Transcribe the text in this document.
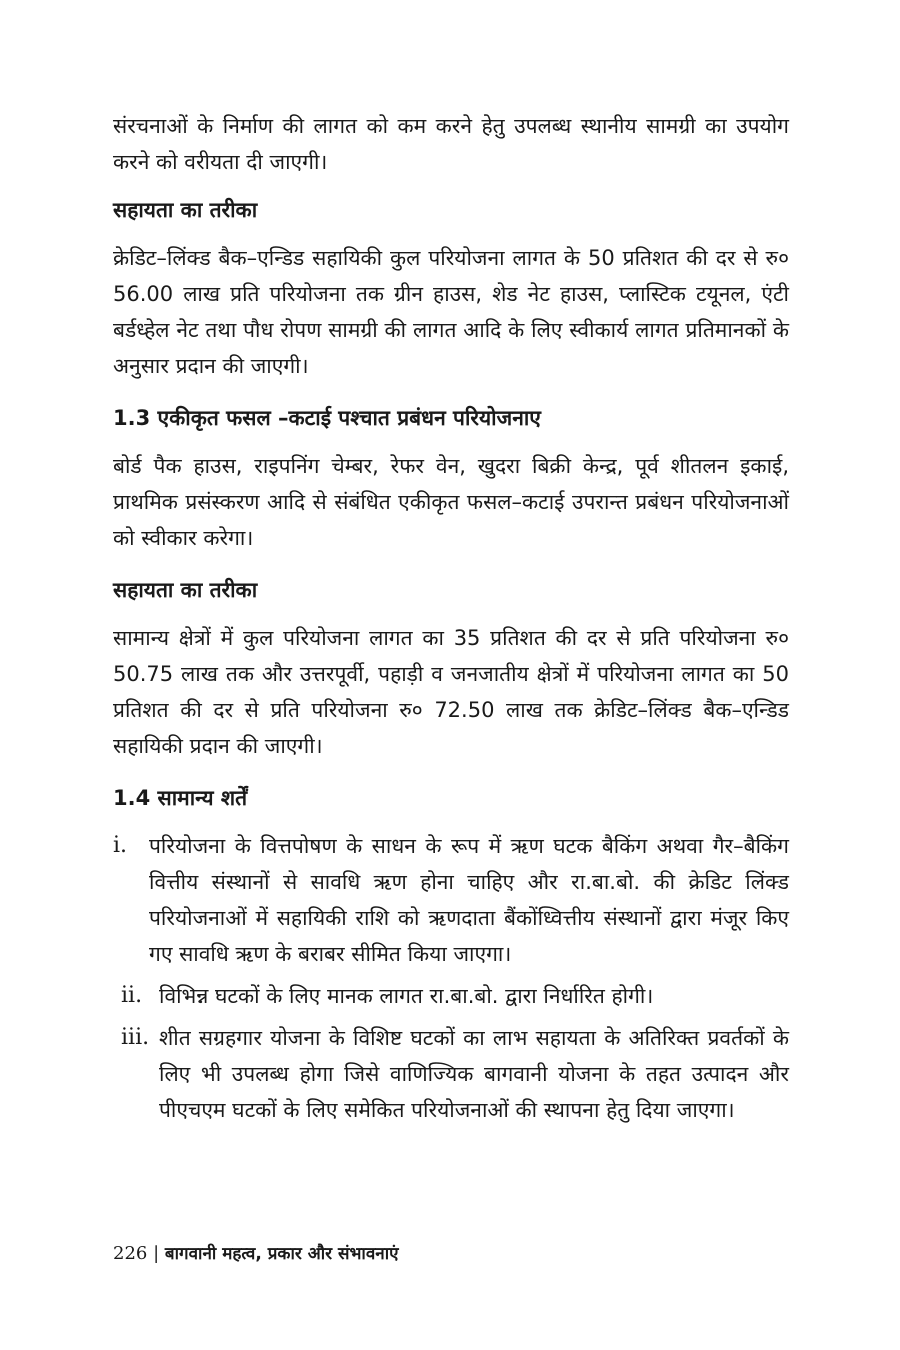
संरचनाओं के निर्माण की लागत को कम करने हेतु उपलब्ध स्थानीय सामग्री का उपयोग करने को वरीयता दी जाएगी।

सहायता का तरीका

क्रेडिट–लिंक्ड बैक–एन्डिड सहायिकी कुल परियोजना लागत के 50 प्रतिशत की दर से रु० 56.00 लाख प्रति परियोजना तक ग्रीन हाउस, शेड नेट हाउस, प्लास्टिक टयूनल, एंटी बर्डध्हेल नेट तथा पौध रोपण सामग्री की लागत आदि के लिए स्वीकार्य लागत प्रतिमानकों के अनुसार प्रदान की जाएगी।

1.3 एकीकृत फसल –कटाई पश्चात प्रबंधन परियोजनाए

बोर्ड पैक हाउस, राइपनिंग चेम्बर, रेफर वेन, खुदरा बिक्री केन्द्र, पूर्व शीतलन इकाई, प्राथमिक प्रसंस्करण आदि से संबंधित एकीकृत फसल–कटाई उपरान्त प्रबंधन परियोजनाओं को स्वीकार करेगा।

सहायता का तरीका

सामान्य क्षेत्रों में कुल परियोजना लागत का 35 प्रतिशत की दर से प्रति परियोजना रु० 50.75 लाख तक और उत्तरपूर्वी, पहाड़ी व जनजातीय क्षेत्रों में परियोजना लागत का 50 प्रतिशत की दर से प्रति परियोजना रु० 72.50 लाख तक क्रेडिट–लिंक्ड बैक–एन्डिड सहायिकी प्रदान की जाएगी।

1.4 सामान्य शर्तें
i.	परियोजना के वित्तपोषण के साधन के रूप में ऋण घटक बैकिंग अथवा गैर–बैकिंग वित्तीय संस्थानों से सावधि ऋण होना चाहिए और रा.बा.बो. की क्रेडिट लिंक्ड परियोजनाओं में सहायिकी राशि को ऋणदाता बैंकोंध्वित्तीय संस्थानों द्वारा मंजूर किए गए सावधि ऋण के बराबर सीमित किया जाएगा।

ii. विभिन्न घटकों के लिए मानक लागत रा.बा.बो. द्वारा निर्धारित होगी।

iii. शीत सग्रहगार योजना के विशिष्ट घटकों का लाभ सहायता के अतिरिक्त प्रवर्तकों के लिए भी उपलब्ध होगा जिसे वाणिज्यिक बागवानी योजना के तहत उत्पादन और पीएचएम घटकों के लिए समेकित परियोजनाओं की स्थापना हेतु दिया जाएगा।

226 | बागवानी महत्व, प्रकार और संभावनाएं
